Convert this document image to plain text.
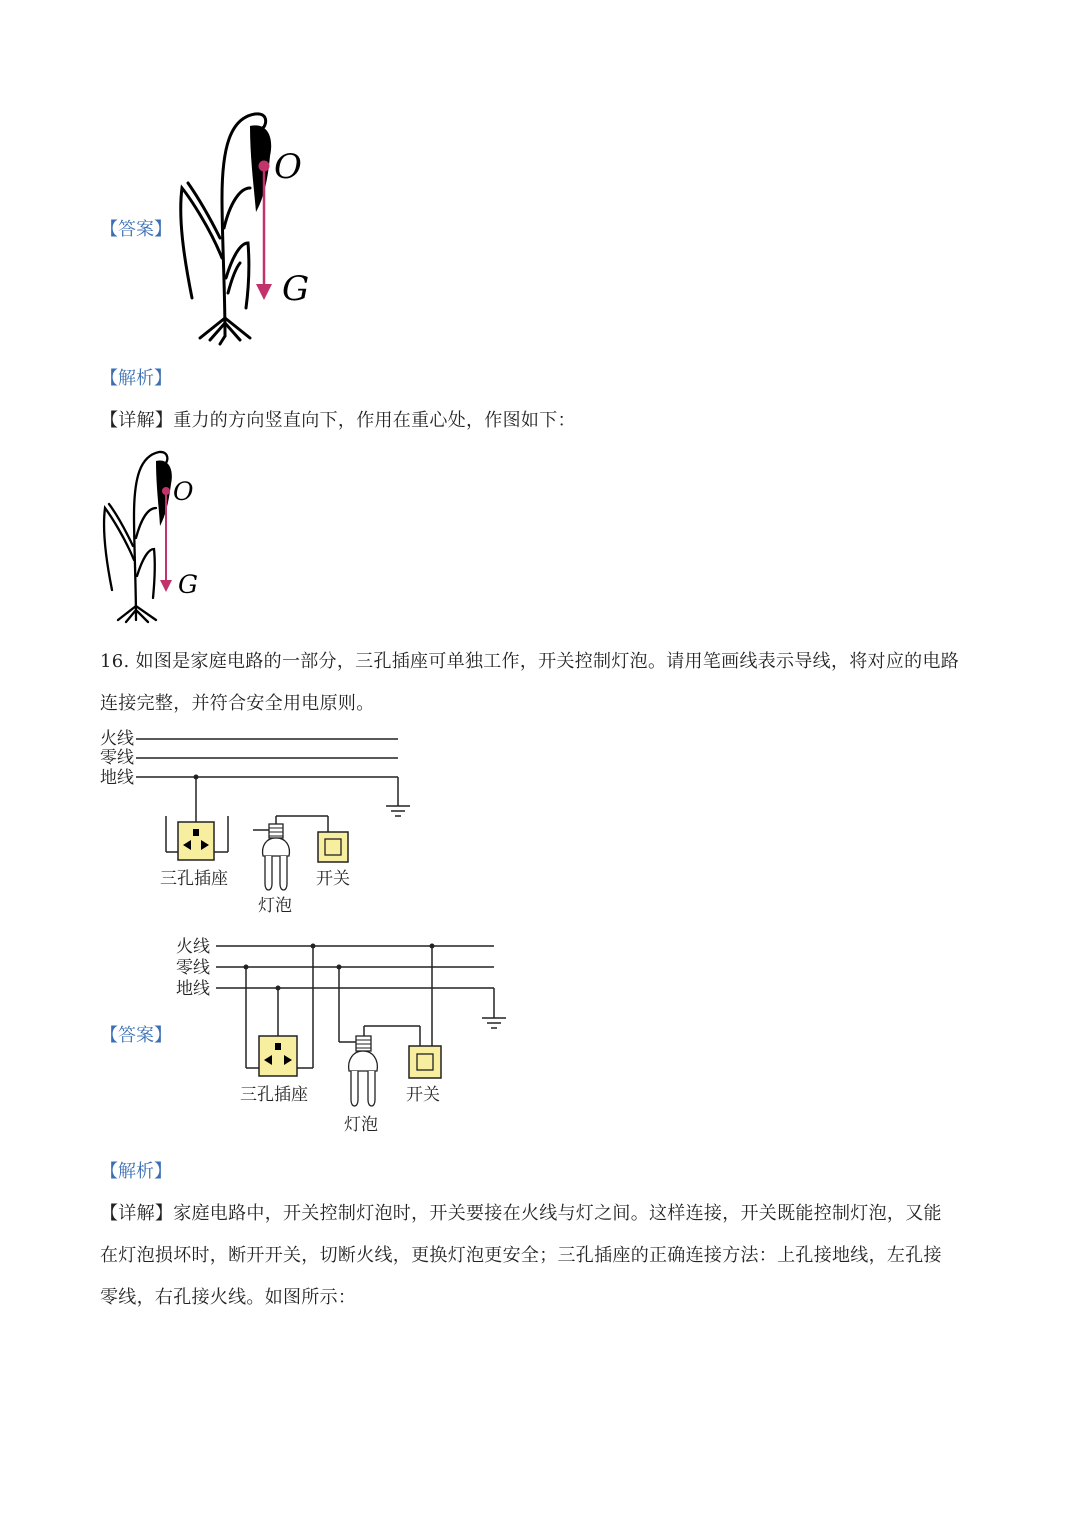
【答案】
O
G
【解析】
【详解】重力的方向竖直向下，作用在重心处，作图如下：
O
G
16. 如图是家庭电路的一部分，三孔插座可单独工作，开关控制灯泡。请用笔画线表示导线，将对应的电路
连接完整，并符合安全用电原则。
火线
零线
地线
三孔插座	开关
灯泡
【答案】
火线
零线
地线
三孔插座	开关
灯泡
【解析】
【详解】家庭电路中，开关控制灯泡时，开关要接在火线与灯之间。这样连接，开关既能控制灯泡，又能
在灯泡损坏时，断开开关，切断火线，更换灯泡更安全；三孔插座的正确连接方法：上孔接地线，左孔接
零线，右孔接火线。如图所示：
